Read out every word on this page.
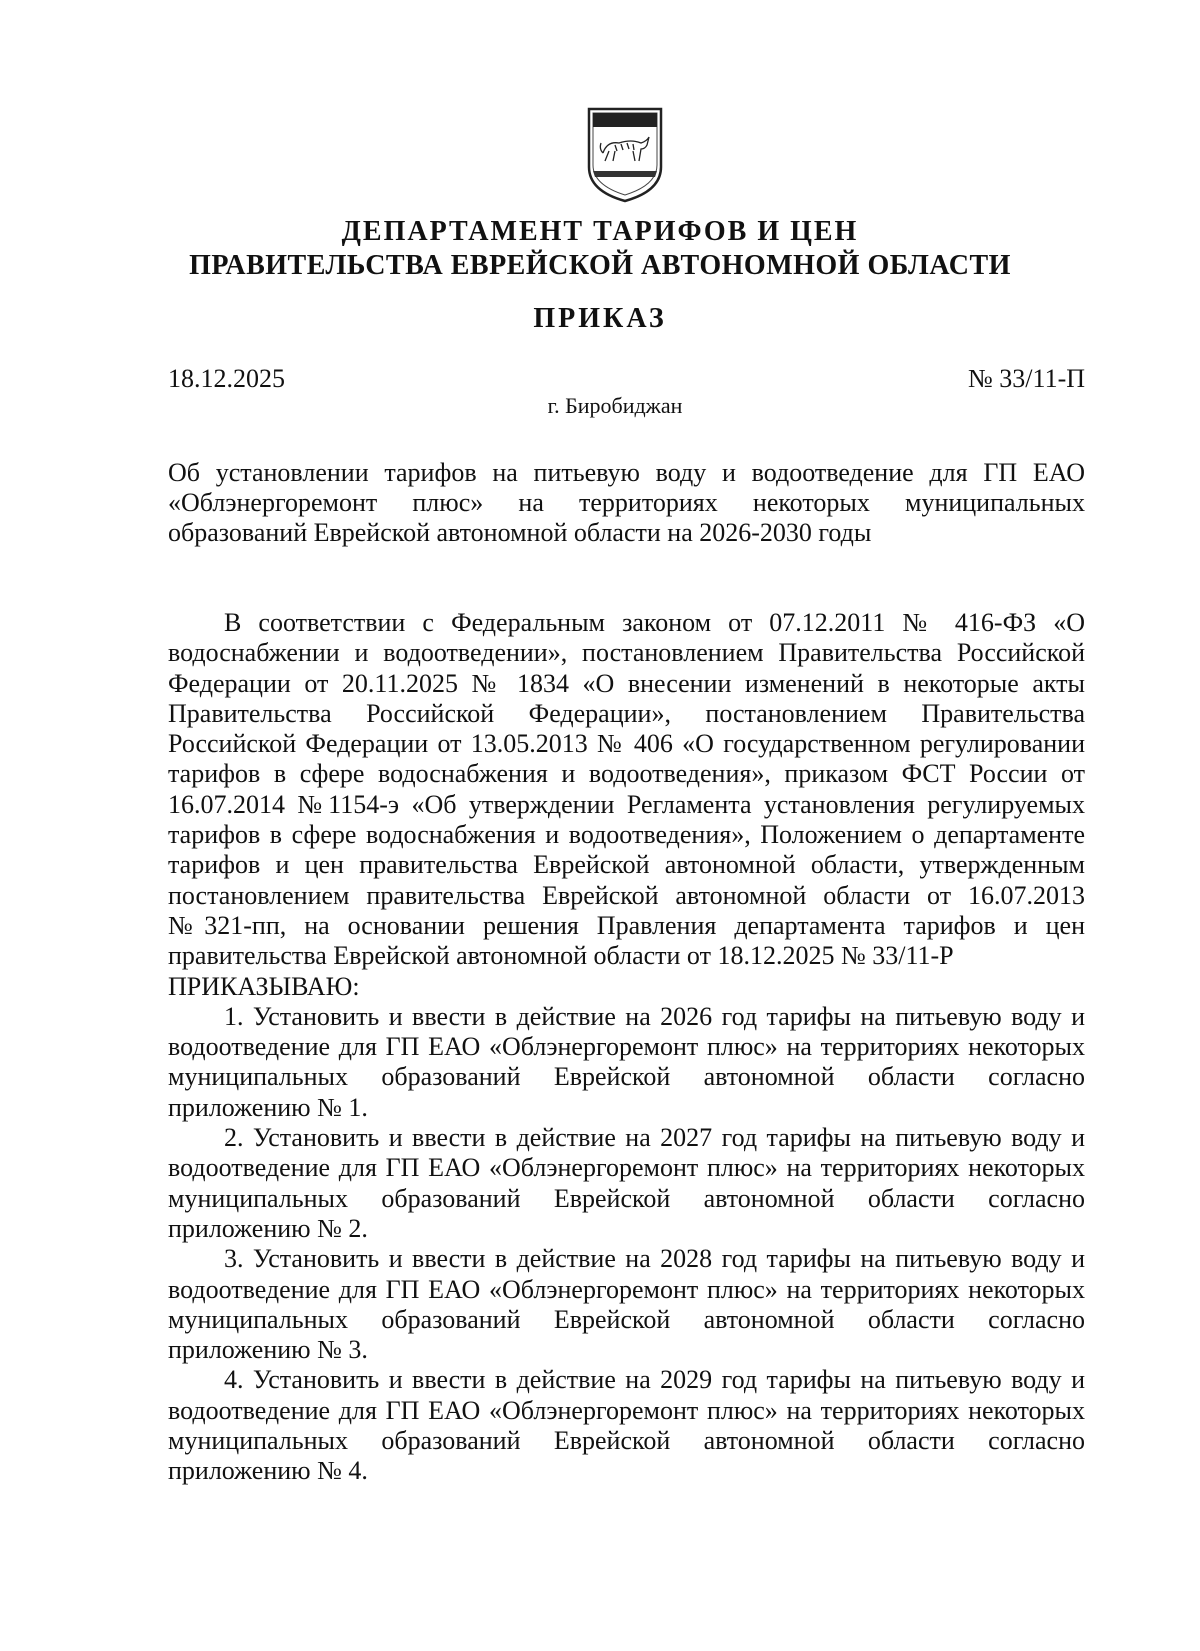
ДЕПАРТАМЕНТ ТАРИФОВ И ЦЕН
ПРАВИТЕЛЬСТВА ЕВРЕЙСКОЙ АВТОНОМНОЙ ОБЛАСТИ
ПРИКАЗ
18.12.2025	№ 33/11-П
г. Биробиджан
Об установлении тарифов на питьевую воду и водоотведение для ГП ЕАО «Облэнергоремонт плюс» на территориях некоторых муниципальных образований Еврейской автономной области на 2026-2030 годы

В соответствии с Федеральным законом от 07.12.2011 № 416-ФЗ «О водоснабжении и водоотведении», постановлением Правительства Российской Федерации от 20.11.2025 № 1834 «О внесении изменений в некоторые акты Правительства Российской Федерации», постановлением Правительства Российской Федерации от 13.05.2013 № 406 «О государственном регулировании тарифов в сфере водоснабжения и водоотведения», приказом ФСТ России от 16.07.2014 №1154-э «Об утверждении Регламента установления регулируемых тарифов в сфере водоснабжения и водоотведения», Положением о департаменте тарифов и цен правительства Еврейской автономной области, утвержденным постановлением правительства Еврейской автономной области от 16.07.2013 №321-пп, на основании решения Правления департамента тарифов и цен правительства Еврейской автономной области от 18.12.2025 № 33/11-Р

ПРИКАЗЫВАЮ:

1. Установить и ввести в действие на 2026 год тарифы на питьевую воду и водоотведение для ГП ЕАО «Облэнергоремонт плюс» на территориях некоторых муниципальных образований Еврейской автономной области согласно приложению № 1.

2. Установить и ввести в действие на 2027 год тарифы на питьевую воду и водоотведение для ГП ЕАО «Облэнергоремонт плюс» на территориях некоторых муниципальных образований Еврейской автономной области согласно приложению № 2.

3. Установить и ввести в действие на 2028 год тарифы на питьевую воду и водоотведение для ГП ЕАО «Облэнергоремонт плюс» на территориях некоторых муниципальных образований Еврейской автономной области согласно приложению № 3.

4. Установить и ввести в действие на 2029 год тарифы на питьевую воду и водоотведение для ГП ЕАО «Облэнергоремонт плюс» на территориях некоторых муниципальных образований Еврейской автономной области согласно приложению № 4.
